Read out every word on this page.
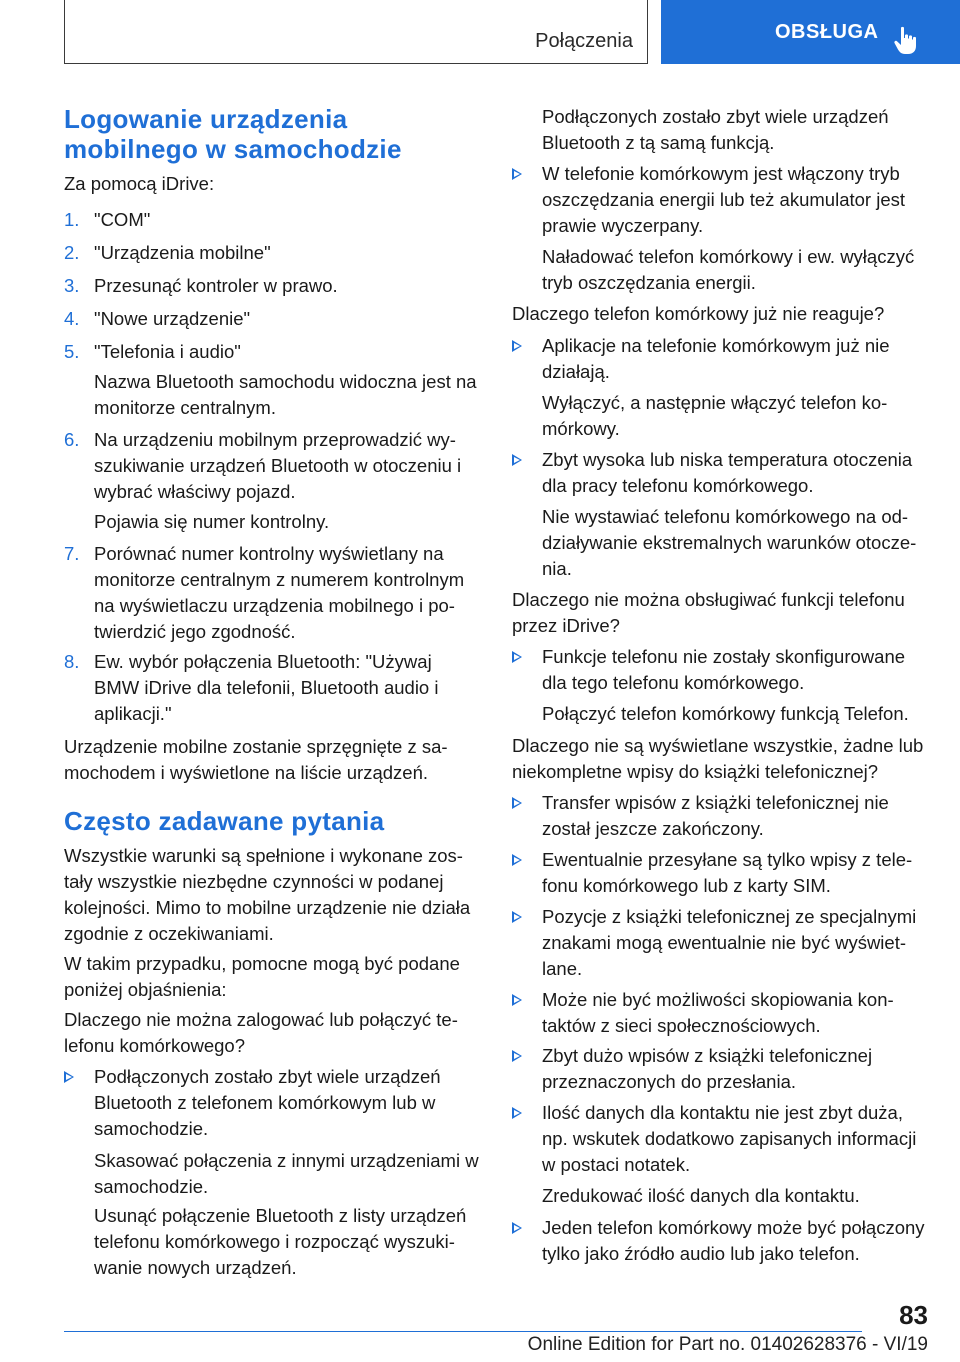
Połączenia	OBSŁUGA
Logowanie urządzenia
mobilnego w samochodzie

Za pomocą iDrive:

1. "COM"
2. "Urządzenia mobilne"
3. Przesunąć kontroler w prawo.
4. "Nowe urządzenie"
5. "Telefonia i audio"

Nazwa Bluetooth samochodu widoczna jest na monitorze centralnym.

6. Na urządzeniu mobilnym przeprowadzić wyszukiwanie urządzeń Bluetooth w otoczeniu i wybrać właściwy pojazd.

Pojawia się numer kontrolny.

7. Porównać numer kontrolny wyświetlany na monitorze centralnym z numerem kontrolnym na wyświetlaczu urządzenia mobilnego i potwierdzić jego zgodność.
8. Ew. wybór połączenia Bluetooth: "Używaj BMW iDrive dla telefonii, Bluetooth audio i aplikacji."

Urządzenie mobilne zostanie sprzęgnięte z samochodem i wyświetlone na liście urządzeń.

Często zadawane pytania

Wszystkie warunki są spełnione i wykonane zostały wszystkie niezbędne czynności w podanej kolejności. Mimo to mobilne urządzenie nie działa zgodnie z oczekiwaniami.

W takim przypadku, pomocne mogą być podane poniżej objaśnienia:

Dlaczego nie można zalogować lub połączyć telefonu komórkowego?

Podłączonych zostało zbyt wiele urządzeń Bluetooth z telefonem komórkowym lub w samochodzie.

Skasować połączenia z innymi urządzeniami w samochodzie.

Usunąć połączenie Bluetooth z listy urządzeń telefonu komórkowego i rozpocząć wyszukiwanie nowych urządzeń.

Podłączonych zostało zbyt wiele urządzeń Bluetooth z tą samą funkcją.

W telefonie komórkowym jest włączony tryb oszczędzania energii lub też akumulator jest prawie wyczerpany.

Naładować telefon komórkowy i ew. wyłączyć tryb oszczędzania energii.

Dlaczego telefon komórkowy już nie reaguje?

Aplikacje na telefonie komórkowym już nie działają.

Wyłączyć, a następnie włączyć telefon komórkowy.

Zbyt wysoka lub niska temperatura otoczenia dla pracy telefonu komórkowego.

Nie wystawiać telefonu komórkowego na oddziaływanie ekstremalnych warunków otoczenia.

Dlaczego nie można obsługiwać funkcji telefonu przez iDrive?

Funkcje telefonu nie zostały skonfigurowane dla tego telefonu komórkowego.

Połączyć telefon komórkowy funkcją Telefon.

Dlaczego nie są wyświetlane wszystkie, żadne lub niekompletne wpisy do książki telefonicznej?

Transfer wpisów z książki telefonicznej nie został jeszcze zakończony.
Ewentualnie przesyłane są tylko wpisy z telefonu komórkowego lub z karty SIM.
Pozycje z książki telefonicznej ze specjalnymi znakami mogą ewentualnie nie być wyświetlane.
Może nie być możliwości skopiowania kontaktów z sieci społecznościowych.
Zbyt dużo wpisów z książki telefonicznej przeznaczonych do przesłania.
Ilość danych dla kontaktu nie jest zbyt duża, np. wskutek dodatkowo zapisanych informacji w postaci notatek.

Zredukować ilość danych dla kontaktu.

Jeden telefon komórkowy może być połączony tylko jako źródło audio lub jako telefon.
83
Online Edition for Part no. 01402628376 - VI/19
